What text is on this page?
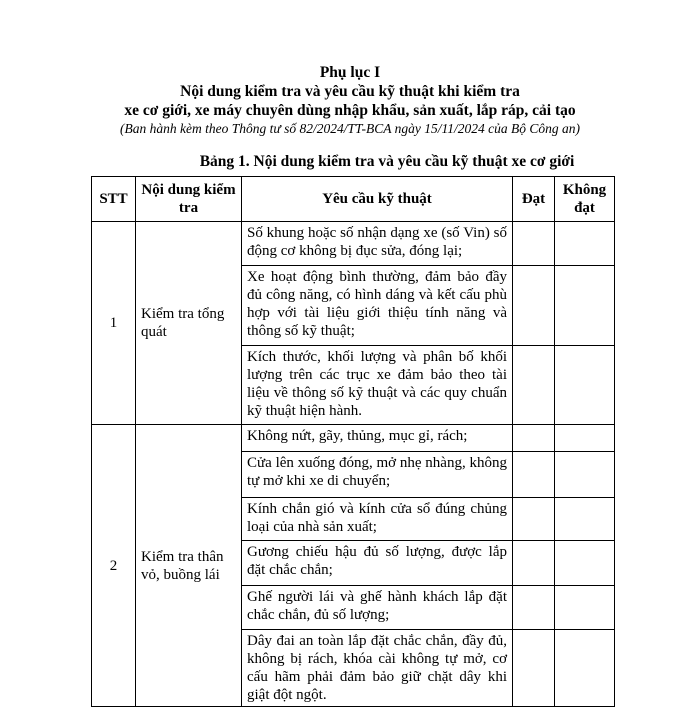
Phụ lục I
Nội dung kiểm tra và yêu cầu kỹ thuật khi kiểm tra
xe cơ giới, xe máy chuyên dùng nhập khẩu, sản xuất, lắp ráp, cải tạo
(Ban hành kèm theo Thông tư số 82/2024/TT-BCA ngày 15/11/2024 của Bộ Công an)
Bảng 1. Nội dung kiểm tra và yêu cầu kỹ thuật xe cơ giới
STT	Nội dung kiểm tra	Yêu cầu kỹ thuật	Đạt	Không đạt
1	Kiểm tra tổng quát	Số khung hoặc số nhận dạng xe (số Vin) số động cơ không bị đục sửa, đóng lại;		

		Xe hoạt động bình thường, đảm bảo đầy đủ công năng, có hình dáng và kết cấu phù hợp với tài liệu giới thiệu tính năng và thông số kỹ thuật;		

		Kích thước, khối lượng và phân bố khối lượng trên các trục xe đảm bảo theo tài liệu về thông số kỹ thuật và các quy chuẩn kỹ thuật hiện hành.		

2	Kiểm tra thân vỏ, buồng lái	Không nứt, gãy, thủng, mục gỉ, rách;		

		Cửa lên xuống đóng, mở nhẹ nhàng, không tự mở khi xe di chuyển;		

		Kính chắn gió và kính cửa sổ đúng chủng loại của nhà sản xuất;		

		Gương chiếu hậu đủ số lượng, được lắp đặt chắc chắn;		

		Ghế người lái và ghế hành khách lắp đặt chắc chắn, đủ số lượng;		

		Dây đai an toàn lắp đặt chắc chắn, đầy đủ, không bị rách, khóa cài không tự mở, cơ cấu hãm phải đảm bảo giữ chặt dây khi giật đột ngột.		
